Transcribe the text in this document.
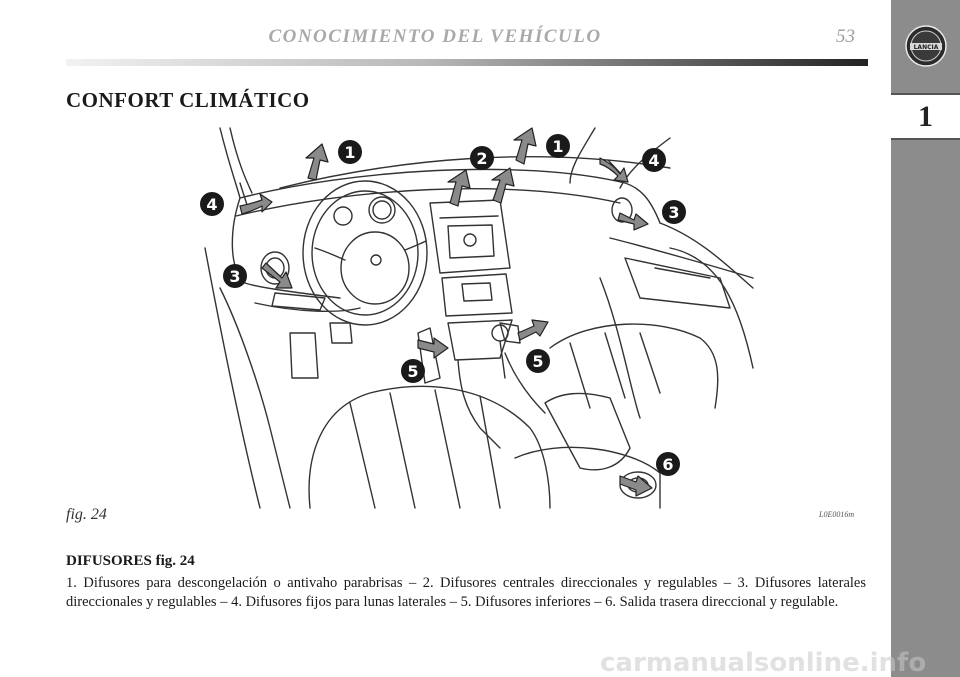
CONOCIMIENTO DEL VEHÍCULO	53
LANCIA
1
CONFORT CLIMÁTICO
1	2
1
4
4	3
3
5
5
6
fig. 24	L0E0016m
DIFUSORES fig. 24

1. Difusores para descongelación o antivaho parabrisas – 2. Difusores centrales direccionales y regulables – 3. Difusores laterales direccionales y regulables – 4. Difusores fijos para lunas laterales – 5. Difusores inferiores – 6. Salida trasera direccional y regulable.

carmanualsonline.info
